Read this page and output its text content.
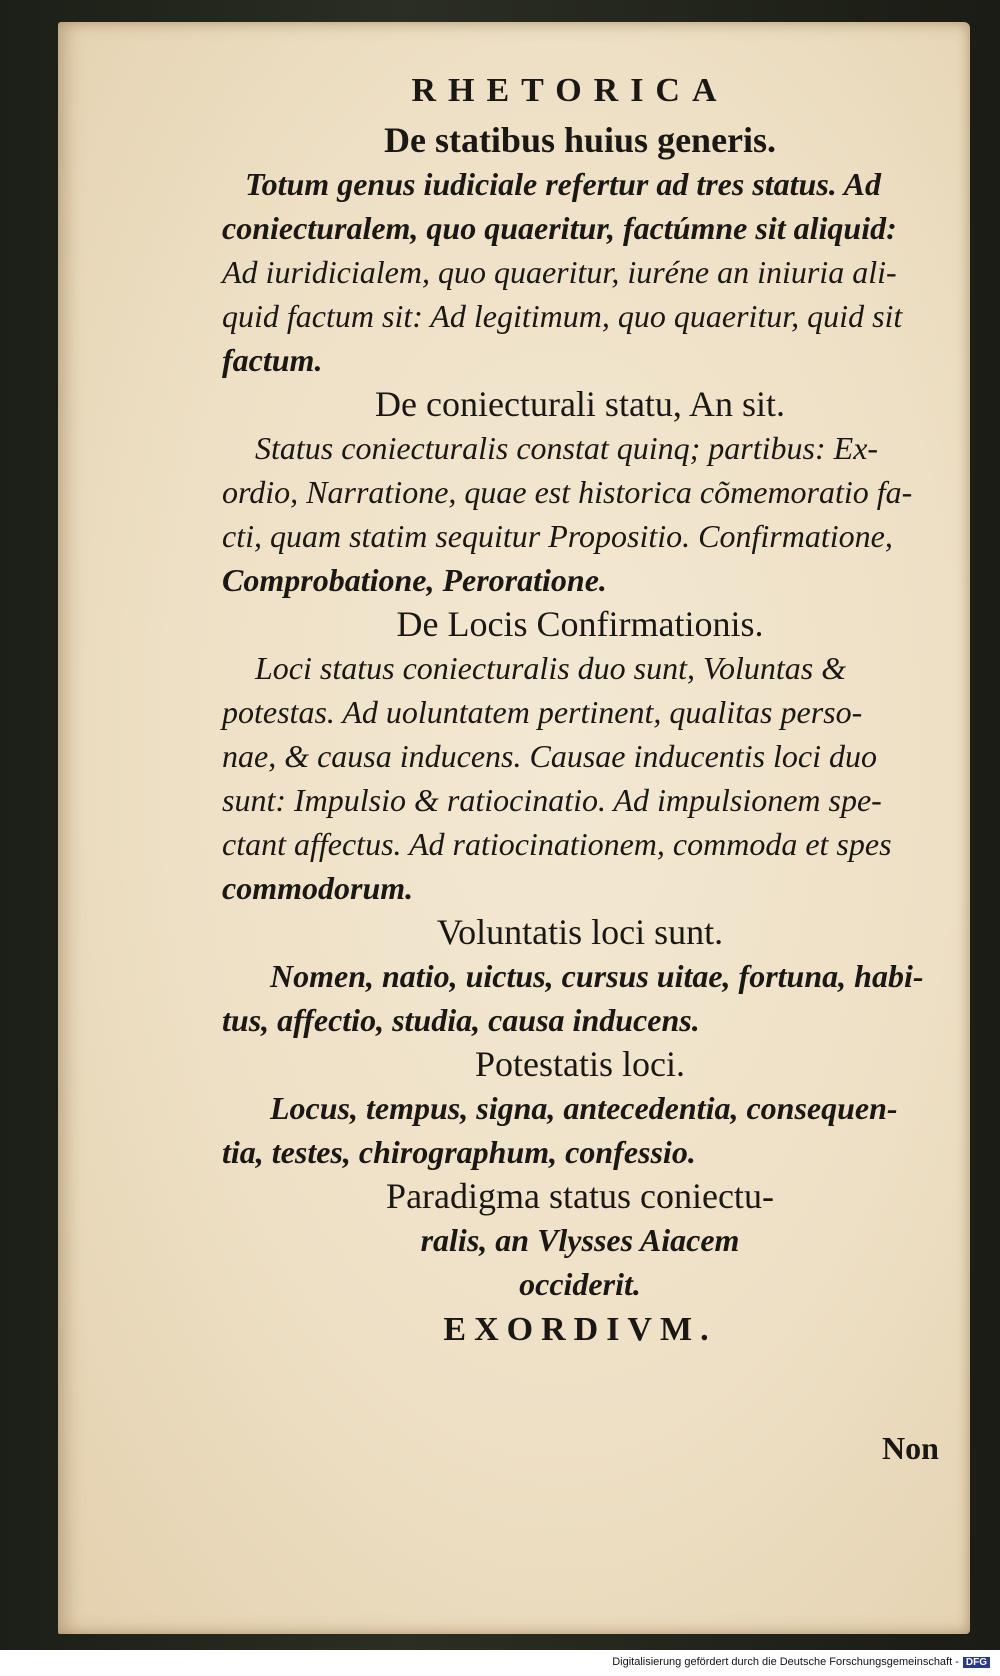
RHETORICA
De statibus huius generis.
Totum genus iudiciale refertur ad tres status. Ad
coniecturalem, quo quaeritur, factúmne sit aliquid:
Ad iuridicialem, quo quaeritur, iuréne an iniuria ali-
quid factum sit: Ad legitimum, quo quaeritur, quid sit
factum.
De coniecturali statu, An sit.
Status coniecturalis constat quinq; partibus: Ex-
ordio, Narratione, quae est historica cõmemoratio fa-
cti, quam statim sequitur Propositio. Confirmatione,
Comprobatione, Peroratione.
De Locis Confirmationis.
Loci status coniecturalis duo sunt, Voluntas &
potestas. Ad uoluntatem pertinent, qualitas perso-
nae, & causa inducens. Causae inducentis loci duo
sunt: Impulsio & ratiocinatio. Ad impulsionem spe-
ctant affectus. Ad ratiocinationem, commoda et spes
commodorum.
Voluntatis loci sunt.
Nomen, natio, uictus, cursus uitae, fortuna, habi-
tus, affectio, studia, causa inducens.
Potestatis loci.
Locus, tempus, signa, antecedentia, consequen-
tia, testes, chirographum, confessio.
Paradigma status coniectu-
ralis, an Vlysses Aiacem
occiderit.
EXORDIVM.
Non
Digitalisierung gefördert durch die Deutsche Forschungsgemeinschaft - DFG
